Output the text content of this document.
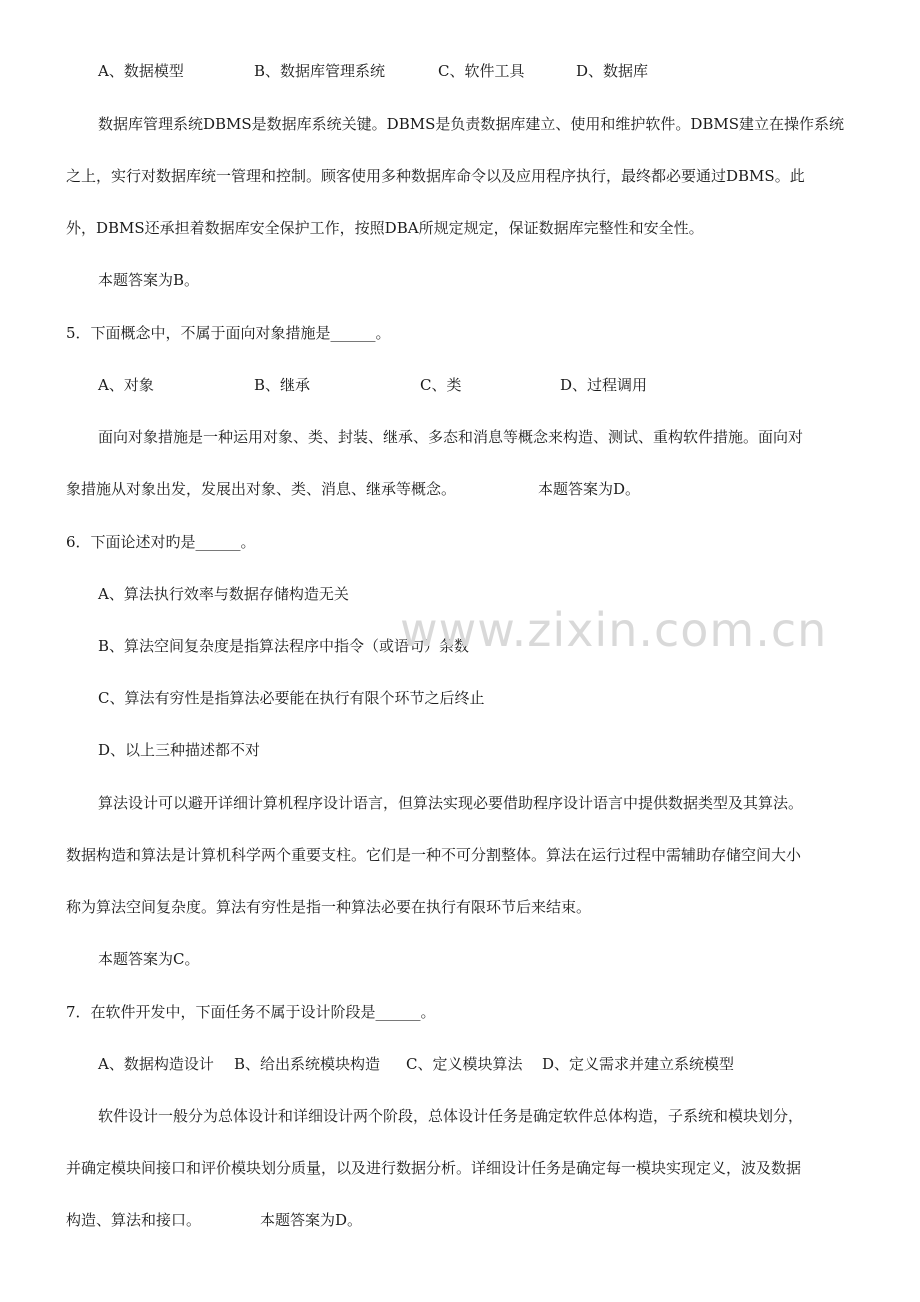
A、数据模型	B、数据库管理系统	C、软件工具	D、数据库
数据库管理系统DBMS是数据库系统关键。DBMS是负责数据库建立、使用和维护软件。DBMS建立在操作系统
之上，实行对数据库统一管理和控制。顾客使用多种数据库命令以及应用程序执行，最终都必要通过DBMS。此
外，DBMS还承担着数据库安全保护工作，按照DBA所规定规定，保证数据库完整性和安全性。
本题答案为B。
5．下面概念中，不属于面向对象措施是______。
A、对象	B、继承	C、类	D、过程调用
面向对象措施是一种运用对象、类、封装、继承、多态和消息等概念来构造、测试、重构软件措施。面向对
象措施从对象出发，发展出对象、类、消息、继承等概念。	本题答案为D。
6．下面论述对旳是______。
A、算法执行效率与数据存储构造无关
B、算法空间复杂度是指算法程序中指令（或语句）条数
C、算法有穷性是指算法必要能在执行有限个环节之后终止
D、以上三种描述都不对
算法设计可以避开详细计算机程序设计语言，但算法实现必要借助程序设计语言中提供数据类型及其算法。
数据构造和算法是计算机科学两个重要支柱。它们是一种不可分割整体。算法在运行过程中需辅助存储空间大小
称为算法空间复杂度。算法有穷性是指一种算法必要在执行有限环节后来结束。
本题答案为C。
7．在软件开发中，下面任务不属于设计阶段是______。
A、数据构造设计 B、给出系统模块构造 C、定义模块算法 D、定义需求并建立系统模型
软件设计一般分为总体设计和详细设计两个阶段，总体设计任务是确定软件总体构造，子系统和模块划分，
并确定模块间接口和评价模块划分质量，以及进行数据分析。详细设计任务是确定每一模块实现定义，波及数据
构造、算法和接口。	本题答案为D。
www.zixin.com.cn
